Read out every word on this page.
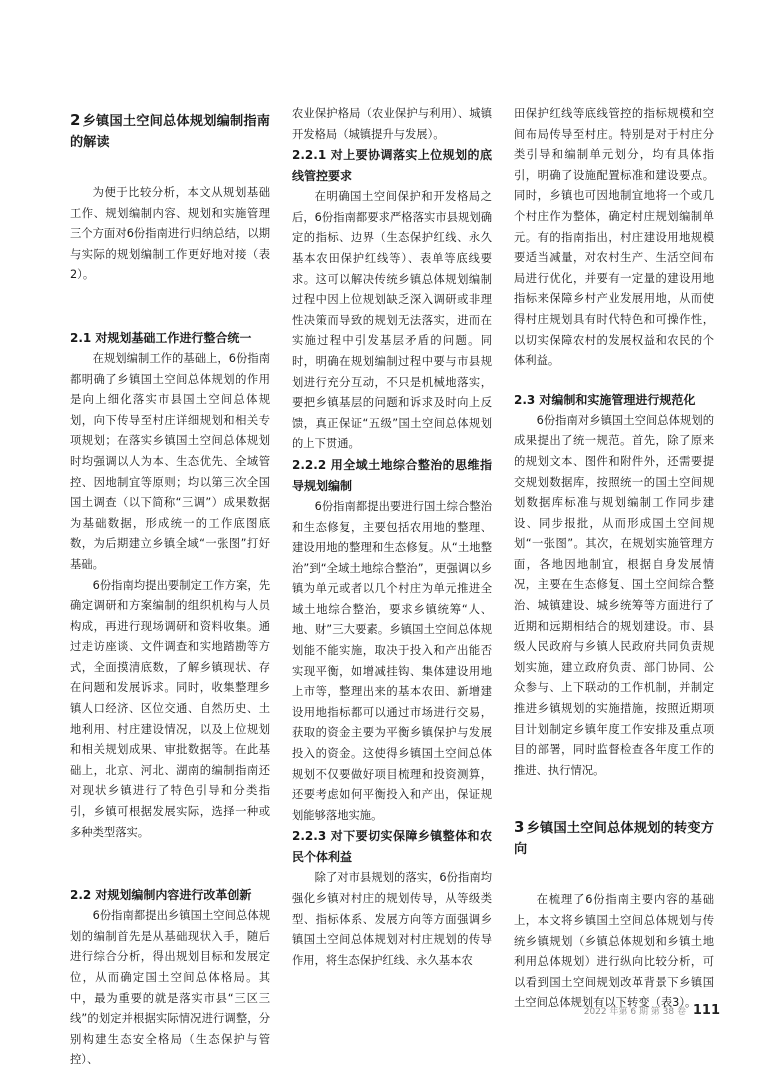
2 乡镇国土空间总体规划编制指南的解读

为便于比较分析，本文从规划基础工作、规划编制内容、规划和实施管理三个方面对6份指南进行归纳总结，以期与实际的规划编制工作更好地对接（表2）。

2.1 对规划基础工作进行整合统一

在规划编制工作的基础上，6份指南都明确了乡镇国土空间总体规划的作用是向上细化落实市县国土空间总体规划，向下传导至村庄详细规划和相关专项规划；在落实乡镇国土空间总体规划时均强调以人为本、生态优先、全域管控、因地制宜等原则；均以第三次全国国土调查（以下简称“三调”）成果数据为基础数据，形成统一的工作底图底数，为后期建立乡镇全域“一张图”打好基础。

6份指南均提出要制定工作方案，先确定调研和方案编制的组织机构与人员构成，再进行现场调研和资料收集。通过走访座谈、文件调查和实地踏勘等方式，全面摸清底数，了解乡镇现状、存在问题和发展诉求。同时，收集整理乡镇人口经济、区位交通、自然历史、土地利用、村庄建设情况，以及上位规划和相关规划成果、审批数据等。在此基础上，北京、河北、湖南的编制指南还对现状乡镇进行了特色引导和分类指引，乡镇可根据发展实际，选择一种或多种类型落实。

2.2 对规划编制内容进行改革创新

6份指南都提出乡镇国土空间总体规划的编制首先是从基础现状入手，随后进行综合分析，得出规划目标和发展定位，从而确定国土空间总体格局。其中，最为重要的就是落实市县“三区三线”的划定并根据实际情况进行调整，分别构建生态安全格局（生态保护与管控）、

农业保护格局（农业保护与利用）、城镇开发格局（城镇提升与发展）。

2.2.1 对上要协调落实上位规划的底线管控要求

在明确国土空间保护和开发格局之后，6份指南都要求严格落实市县规划确定的指标、边界（生态保护红线、永久基本农田保护红线等）、表单等底线要求。这可以解决传统乡镇总体规划编制过程中因上位规划缺乏深入调研或非理性决策而导致的规划无法落实，进而在实施过程中引发基层矛盾的问题。同时，明确在规划编制过程中要与市县规划进行充分互动，不只是机械地落实，要把乡镇基层的问题和诉求及时向上反馈，真正保证“五级”国土空间总体规划的上下贯通。

2.2.2 用全域土地综合整治的思维指导规划编制

6份指南都提出要进行国土综合整治和生态修复，主要包括农用地的整理、建设用地的整理和生态修复。从“土地整治”到“全域土地综合整治”，更强调以乡镇为单元或者以几个村庄为单元推进全域土地综合整治，要求乡镇统筹“人、地、财”三大要素。乡镇国土空间总体规划能不能实施，取决于投入和产出能否实现平衡，如增减挂钩、集体建设用地上市等，整理出来的基本农田、新增建设用地指标都可以通过市场进行交易，获取的资金主要为平衡乡镇保护与发展投入的资金。这使得乡镇国土空间总体规划不仅要做好项目梳理和投资测算，还要考虑如何平衡投入和产出，保证规划能够落地实施。

2.2.3 对下要切实保障乡镇整体和农民个体利益

除了对市县规划的落实，6份指南均强化乡镇对村庄的规划传导，从等级类型、指标体系、发展方向等方面强调乡镇国土空间总体规划对村庄规划的传导作用，将生态保护红线、永久基本农

田保护红线等底线管控的指标规模和空间布局传导至村庄。特别是对于村庄分类引导和编制单元划分，均有具体指引，明确了设施配置标准和建设要点。同时，乡镇也可因地制宜地将一个或几个村庄作为整体，确定村庄规划编制单元。有的指南指出，村庄建设用地规模要适当减量，对农村生产、生活空间布局进行优化，并要有一定量的建设用地指标来保障乡村产业发展用地，从而使得村庄规划具有时代特色和可操作性，以切实保障农村的发展权益和农民的个体利益。

2.3 对编制和实施管理进行规范化

6份指南对乡镇国土空间总体规划的成果提出了统一规范。首先，除了原来的规划文本、图件和附件外，还需要提交规划数据库，按照统一的国土空间规划数据库标准与规划编制工作同步建设、同步报批，从而形成国土空间规划“一张图”。其次，在规划实施管理方面，各地因地制宜，根据自身发展情况，主要在生态修复、国土空间综合整治、城镇建设、城乡统筹等方面进行了近期和远期相结合的规划建设。市、县级人民政府与乡镇人民政府共同负责规划实施，建立政府负责、部门协同、公众参与、上下联动的工作机制，并制定推进乡镇规划的实施措施，按照近期项目计划制定乡镇年度工作安排及重点项目的部署，同时监督检查各年度工作的推进、执行情况。

3 乡镇国土空间总体规划的转变方向

在梳理了6份指南主要内容的基础上，本文将乡镇国土空间总体规划与传统乡镇规划（乡镇总体规划和乡镇土地利用总体规划）进行纵向比较分析，可以看到国土空间规划改革背景下乡镇国土空间总体规划有以下转变（表3）。

2022 年第 6 期 第 38 卷 111
